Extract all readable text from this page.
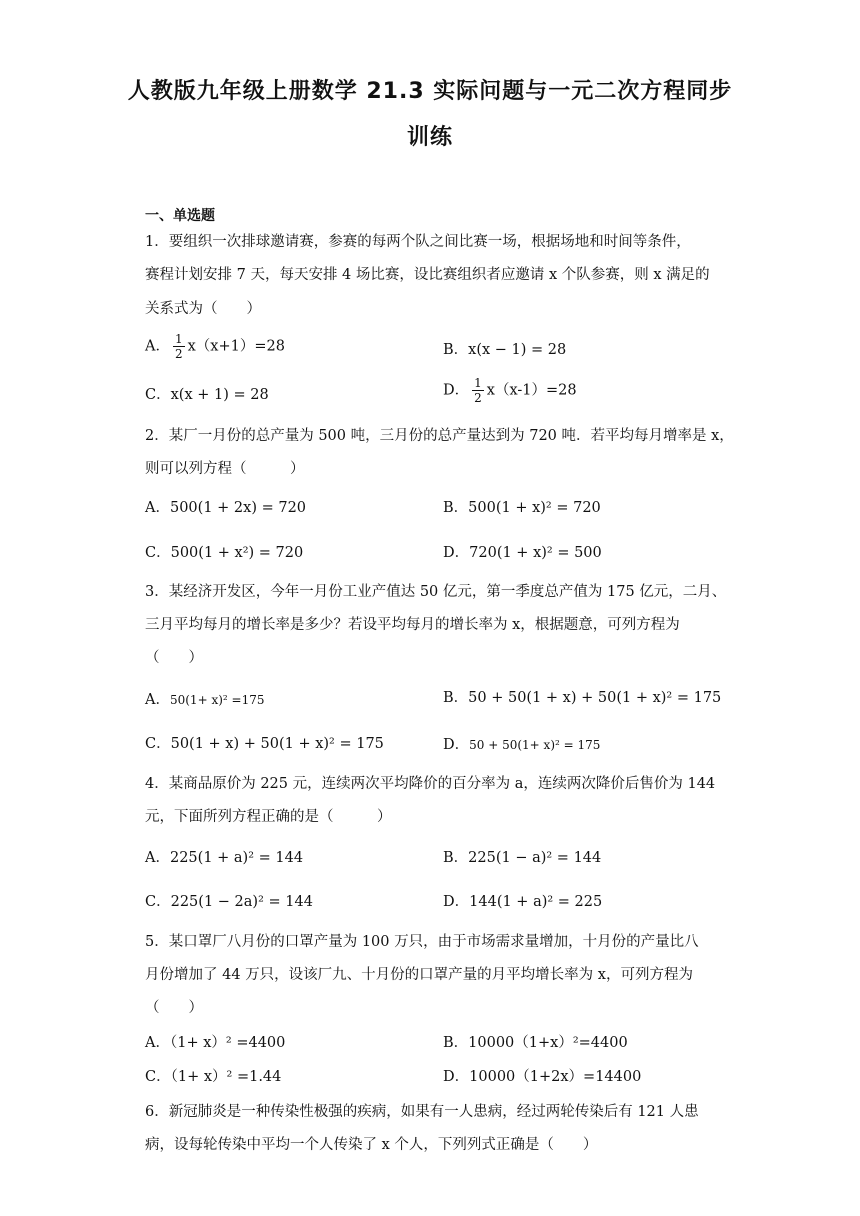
人教版九年级上册数学 21.3 实际问题与一元二次方程同步
训练
一、单选题
1．要组织一次排球邀请赛，参赛的每两个队之间比赛一场，根据场地和时间等条件，
赛程计划安排 7 天，每天安排 4 场比赛，设比赛组织者应邀请 x 个队参赛，则 x 满足的
关系式为（　　）
A． $\frac{1}{2} x(x+1)=28$	B．x(x − 1) = 28
C．x(x + 1) = 28	D． $\frac{1}{2} x(x-1)=28$
2．某厂一月份的总产量为 500 吨，三月份的总产量达到为 720 吨．若平均每月增率是 x，
则可以列方程（　　　）
A．500(1 + 2x) = 720	B．500(1 + x)² = 720
C．500(1 + x²) = 720	D．720(1 + x)² = 500
3．某经济开发区，今年一月份工业产值达 50 亿元，第一季度总产值为 175 亿元，二月、
三月平均每月的增长率是多少？若设平均每月的增长率为 x，根据题意，可列方程为
（　　）
A．50(1+ x)² =175	B．50 + 50(1 + x) + 50(1 + x)² = 175
C．50(1 + x) + 50(1 + x)² = 175	D．50 + 50(1+ x)² = 175
4．某商品原价为 225 元，连续两次平均降价的百分率为 a，连续两次降价后售价为 144
元，下面所列方程正确的是（　　　）
A．225(1 + a)² = 144	B．225(1 − a)² = 144
C．225(1 − 2a)² = 144	D．144(1 + a)² = 225
5．某口罩厂八月份的口罩产量为 100 万只，由于市场需求量增加，十月份的产量比八
月份增加了 44 万只，设该厂九、十月份的口罩产量的月平均增长率为 x，可列方程为
（　　）
A．（1+ x）² =4400	B．10000（1+x）²=4400
C．（1+ x）² =1.44	D．10000（1+2x）=14400
6．新冠肺炎是一种传染性极强的疾病，如果有一人患病，经过两轮传染后有 121 人患
病，设每轮传染中平均一个人传染了 x 个人，下列列式正确是（　　）
